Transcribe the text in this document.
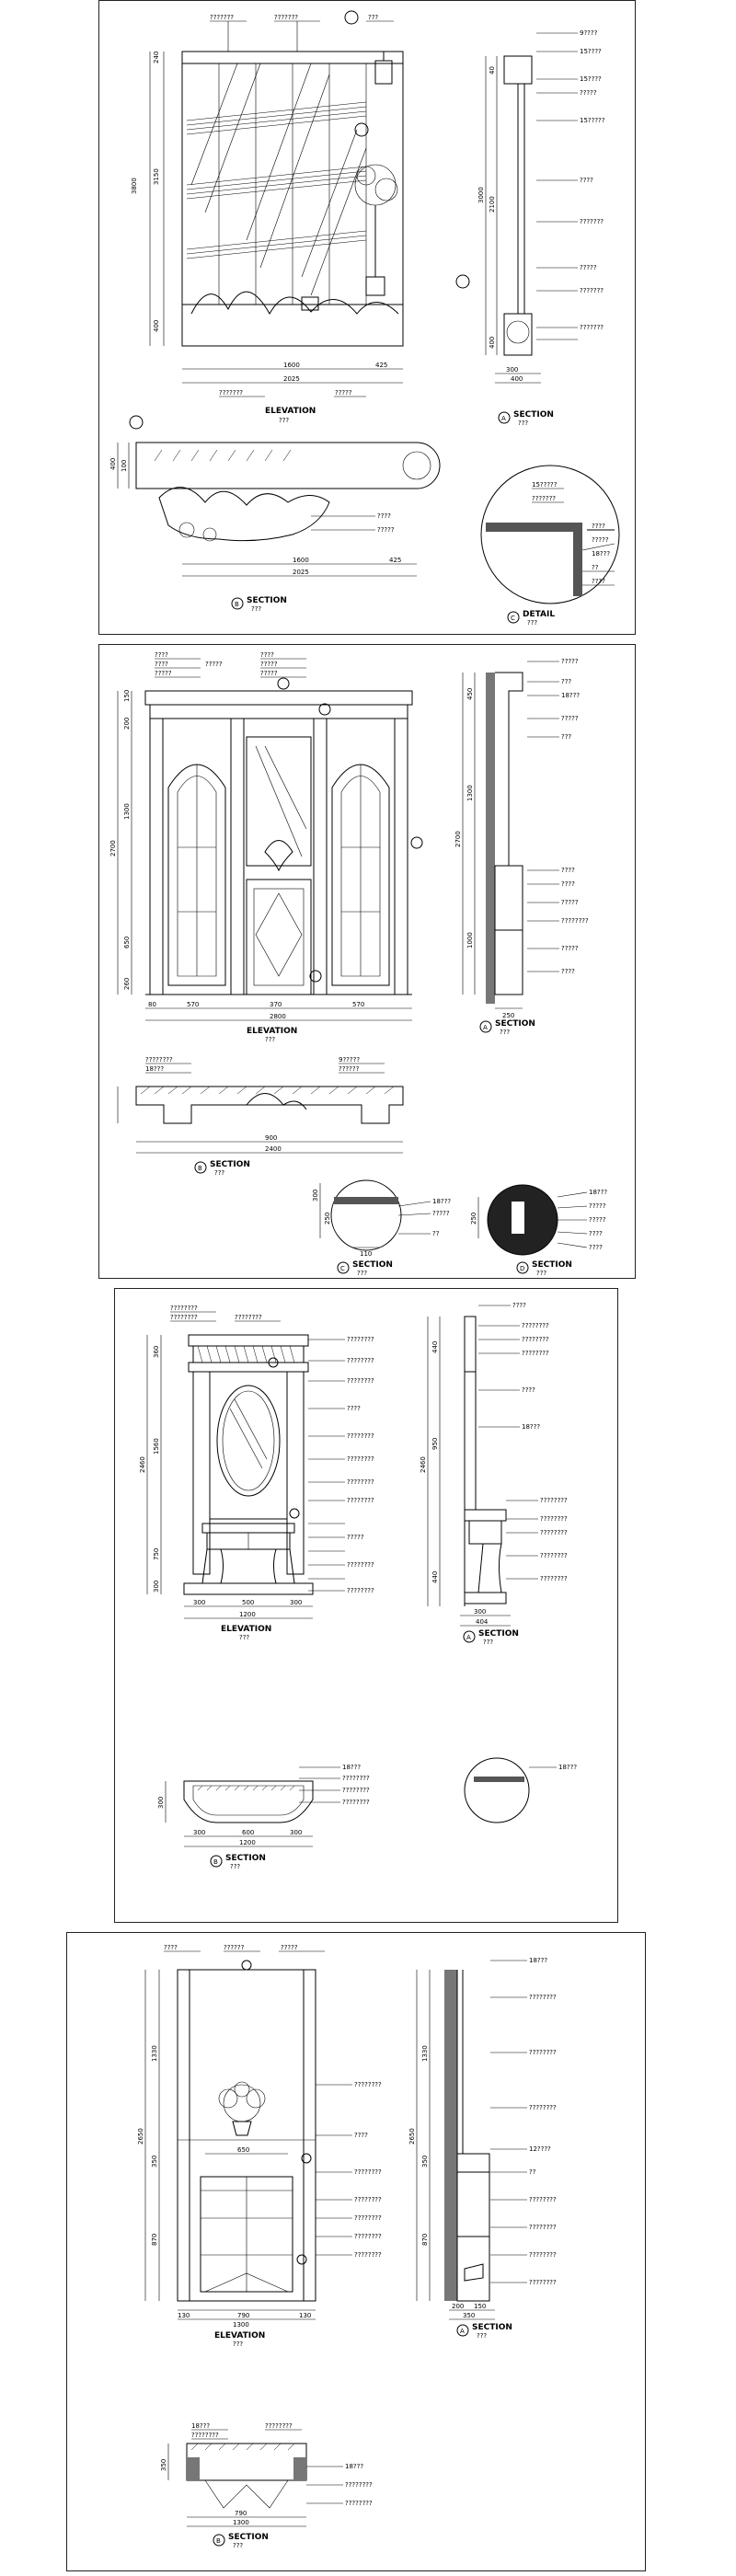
???????	???????	???
???????	?????
3800
3150
240
400
1600	425
2025
ELEVATION
???
9????
15????
15????
?????
15?????
????
???????
?????
???????
???????
3000
2100
400
40
300
400
A SECTION
???
????
?????
400 100
1600	425
2025
B SECTION
???
15?????
???????
????
?????
18???
??
????
C DETAIL
???
????
????
?????
????
?????
?????
?????
2700
150
200
1300
650
260
80	570	370	570
2800
ELEVATION
???
?????
???
18???
?????
???
????
????
?????
????????
?????
????
2700
450
1300
1000
250
A SECTION
???
????????
18???
9?????
??????
900
2400
B SECTION
???
18???
?????
??
300
250
110
C SECTION
???
18???
?????
?????
????
????
250
D SECTION
???
????????
????????	????????
????????
????????
????????
????
????????
????????
????????
????????
?????
????????
????????
2460
360
1560
750
300
300	500	300
1200
ELEVATION
???
????
????????
????????
????????
????
18???
????????
????????
????????
????????
????????
2460
440
950
440
300
404
A SECTION
???
18???
????????
????????
????????
18???
300
300	600	300
1200
B SECTION
???
????	??????	?????
????????
????
????????
????????
????????
????????
????????
2650
1330
350
870
650
130	790	130
1300
ELEVATION
???
18???
????????
????????
????????
12????
??
????????
????????
????????
????????
2650
1330
350
870
200 150
350
A SECTION
???
18???
????????
????????
18???
????????
????????
350
790
1300
B SECTION
???
